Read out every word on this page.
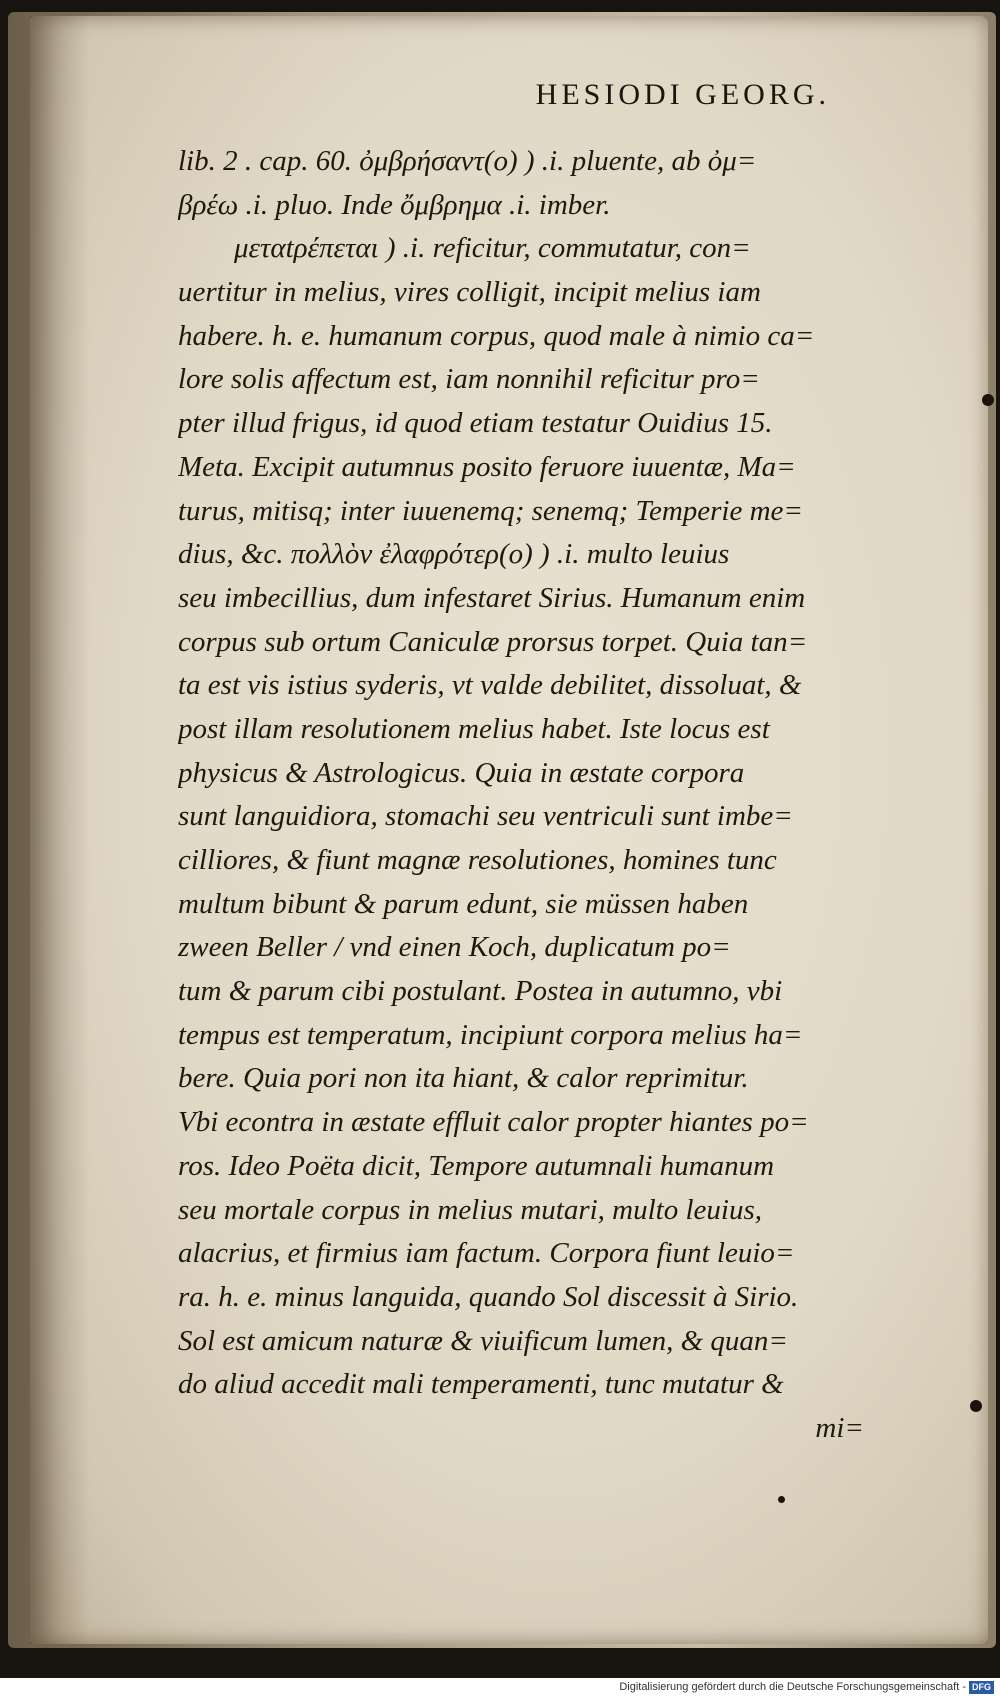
HESIODI GEORG.
lib. 2 . cap. 60. ὀμβρήσαντ(ο) ) .i. pluente, ab ὀμ=
βρέω .i. pluo. Inde ὄμβρημα .i. imber.
μεταtρέπεται ) .i. reficitur, commutatur, con=
uertitur in melius, vires colligit, incipit melius iam
habere. h. e. humanum corpus, quod male à nimio ca=
lore solis affectum est, iam nonnihil reficitur pro=
pter illud frigus, id quod etiam testatur Ouidius 15.
Meta. Excipit autumnus posito feruore iuuentæ, Ma=
turus, mitisq; inter iuuenemq; senemq; Temperie me=
dius, &c. πολλὸν ἐλαφρότερ(ο) ) .i. multo leuius
seu imbecillius, dum infestaret Sirius. Humanum enim
corpus sub ortum Caniculæ prorsus torpet. Quia tan=
ta est vis istius syderis, vt valde debilitet, dissoluat, &
post illam resolutionem melius habet. Iste locus est
physicus & Astrologicus. Quia in æstate corpora
sunt languidiora, stomachi seu ventriculi sunt imbe=
cilliores, & fiunt magnæ resolutiones, homines tunc
multum bibunt & parum edunt, sie müssen haben
zween Beller / vnd einen Koch, duplicatum po=
tum & parum cibi postulant. Postea in autumno, vbi
tempus est temperatum, incipiunt corpora melius ha=
bere. Quia pori non ita hiant, & calor reprimitur.
Vbi econtra in æstate effluit calor propter hiantes po=
ros. Ideo Poëta dicit, Tempore autumnali humanum
seu mortale corpus in melius mutari, multo leuius,
alacrius, et firmius iam factum. Corpora fiunt leuio=
ra. h. e. minus languida, quando Sol discessit à Sirio.
Sol est amicum naturæ & viuificum lumen, & quan=
do aliud accedit mali temperamenti, tunc mutatur &
mi=
Digitalisierung gefördert durch die Deutsche Forschungsgemeinschaft - DFG
